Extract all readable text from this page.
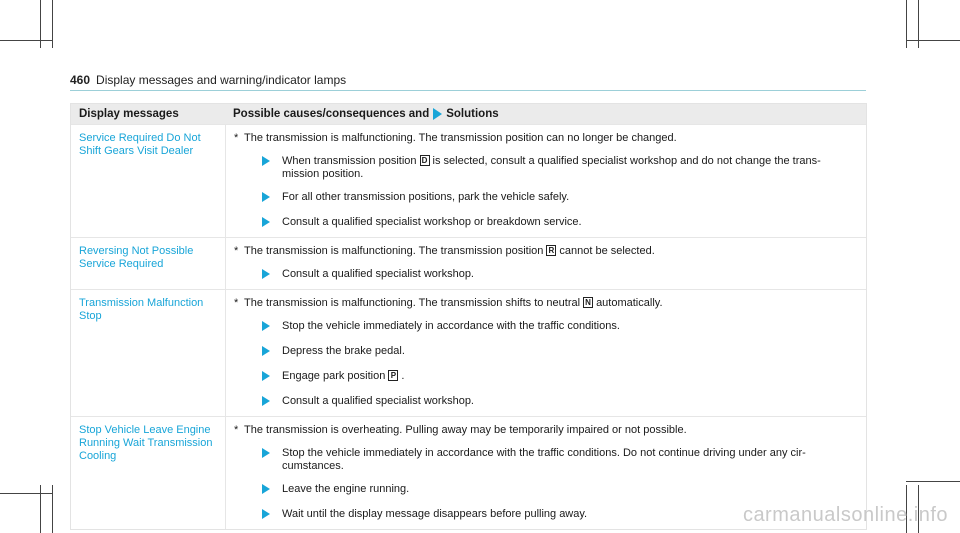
460 Display messages and warning/indicator lamps
Display messages	Possible causes/consequences and Solutions
Service Required Do Not
Shift Gears Visit Dealer
* The transmission is malfunctioning. The transmission position can no longer be changed.
When transmission position D is selected, consult a qualified specialist workshop and do not change the trans-
mission position.
For all other transmission positions, park the vehicle safely.
Consult a qualified specialist workshop or breakdown service.
Reversing Not Possible
Service Required
* The transmission is malfunctioning. The transmission position R cannot be selected.
Consult a qualified specialist workshop.
Transmission Malfunction
Stop
* The transmission is malfunctioning. The transmission shifts to neutral N automatically.
Stop the vehicle immediately in accordance with the traffic conditions.
Depress the brake pedal.
Engage park position P .
Consult a qualified specialist workshop.
Stop Vehicle Leave Engine
Running Wait Transmission
Cooling
* The transmission is overheating. Pulling away may be temporarily impaired or not possible.
Stop the vehicle immediately in accordance with the traffic conditions. Do not continue driving under any cir-
cumstances.
Leave the engine running.
Wait until the display message disappears before pulling away.	carmanualsonline.info
